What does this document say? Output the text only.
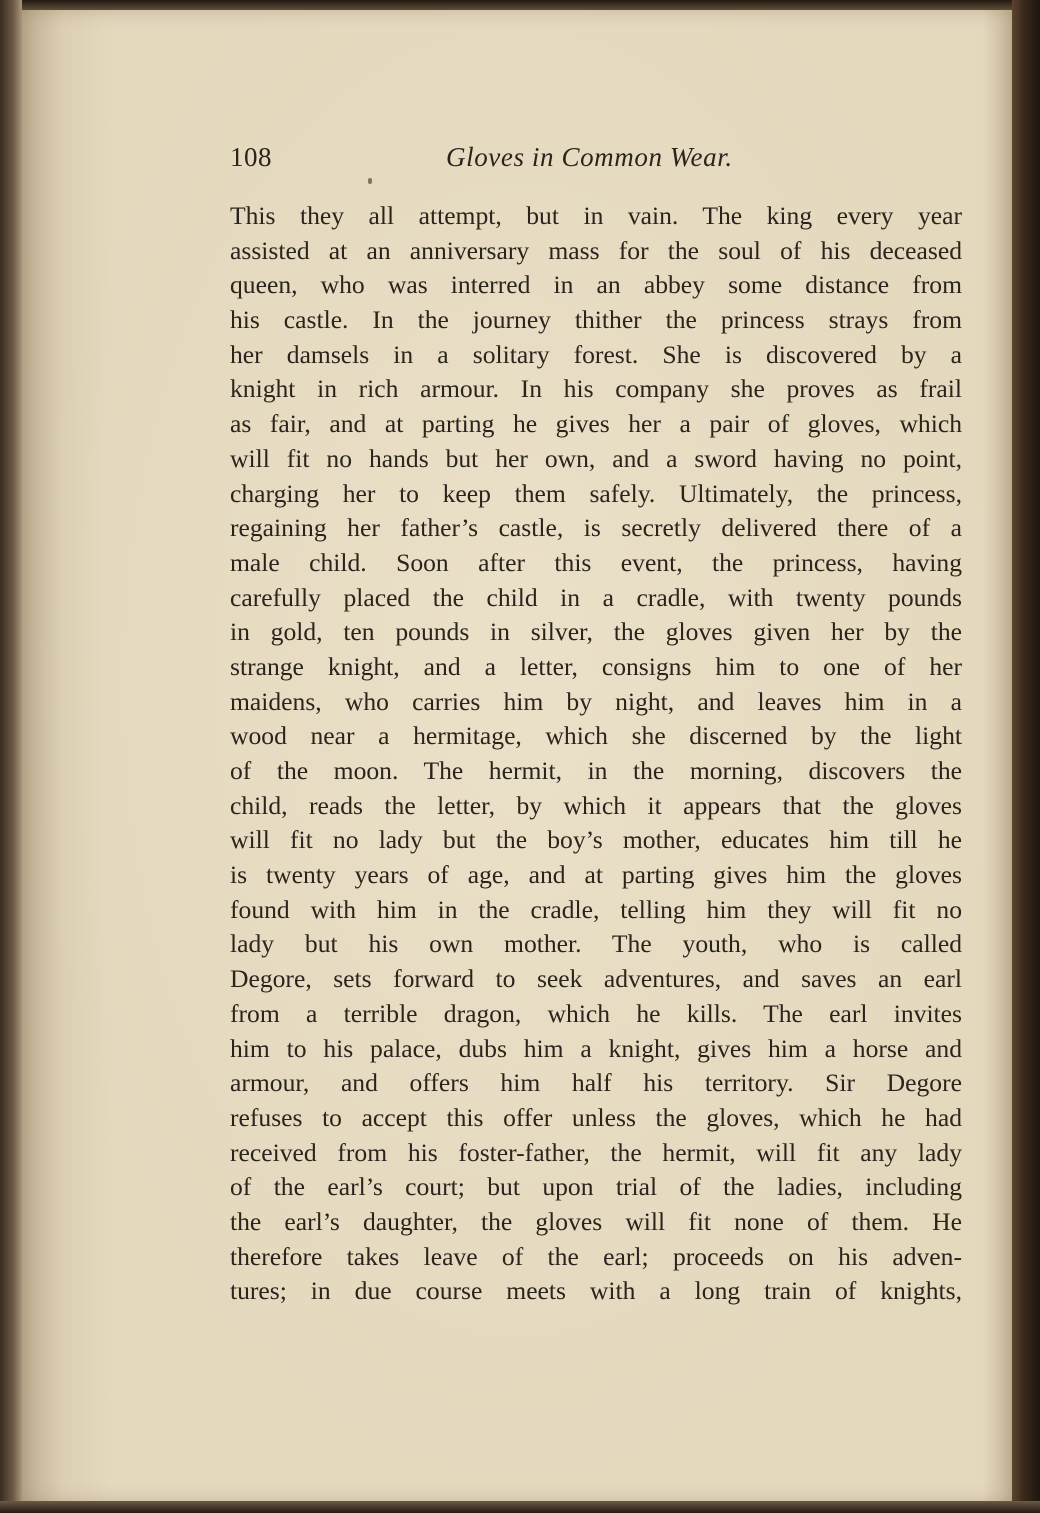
108	Gloves in Common Wear.
This they all attempt, but in vain. The king every year
assisted at an anniversary mass for the soul of his deceased
queen, who was interred in an abbey some distance from
his castle. In the journey thither the princess strays from
her damsels in a solitary forest. She is discovered by a
knight in rich armour. In his company she proves as frail
as fair, and at parting he gives her a pair of gloves, which
will fit no hands but her own, and a sword having no point,
charging her to keep them safely. Ultimately, the princess,
regaining her father’s castle, is secretly delivered there of a
male child. Soon after this event, the princess, having
carefully placed the child in a cradle, with twenty pounds
in gold, ten pounds in silver, the gloves given her by the
strange knight, and a letter, consigns him to one of her
maidens, who carries him by night, and leaves him in a
wood near a hermitage, which she discerned by the light
of the moon. The hermit, in the morning, discovers the
child, reads the letter, by which it appears that the gloves
will fit no lady but the boy’s mother, educates him till he
is twenty years of age, and at parting gives him the gloves
found with him in the cradle, telling him they will fit no
lady but his own mother. The youth, who is called
Degore, sets forward to seek adventures, and saves an earl
from a terrible dragon, which he kills. The earl invites
him to his palace, dubs him a knight, gives him a horse and
armour, and offers him half his territory. Sir Degore
refuses to accept this offer unless the gloves, which he had
received from his foster-father, the hermit, will fit any lady
of the earl’s court; but upon trial of the ladies, including
the earl’s daughter, the gloves will fit none of them. He
therefore takes leave of the earl; proceeds on his adven-
tures; in due course meets with a long train of knights,
